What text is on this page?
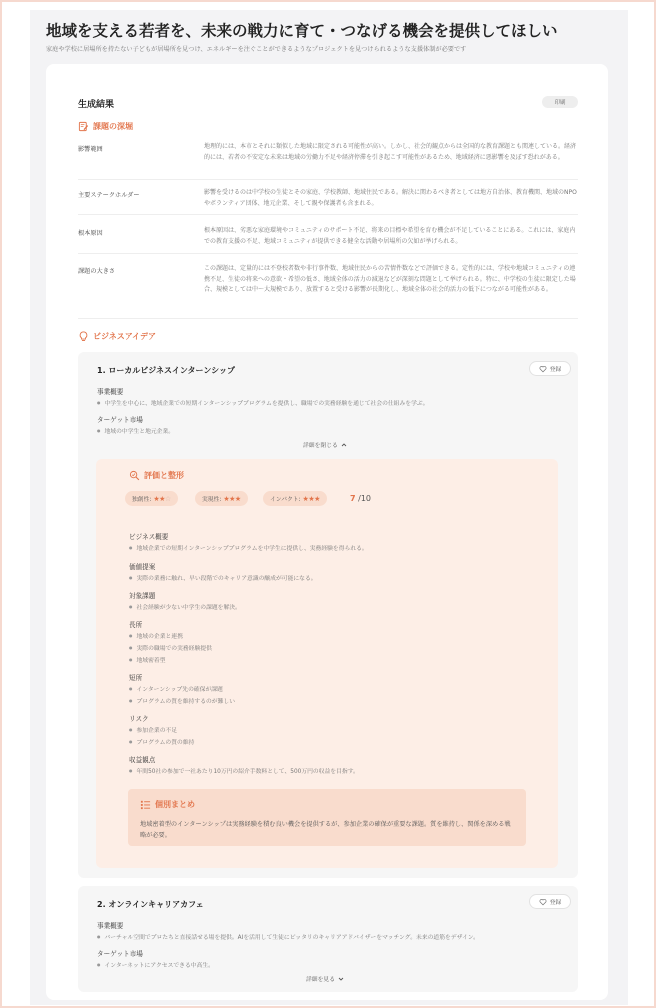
地域を支える若者を、未来の戦力に育て・つなげる機会を提供してほしい
家庭や学校に居場所を持たない子どもが居場所を見つけ、エネルギーを注ぐことができるようなプロジェクトを見つけられるような支援体制が必要です
生成結果	印刷
課題の深堀
影響範囲	地理的には、本市とそれに類似した地域に限定される可能性が高い。しかし、社会的観点からは全国的な教育課題とも関連している。経済的には、若者の不安定な未来は地域の労働力不足や経済停滞を引き起こす可能性があるため、地域経済に悪影響を及ぼす恐れがある。
主要ステークホルダー	影響を受けるのは中学校の生徒とその家庭、学校教師、地域住民である。解決に関わるべき者としては地方自治体、教育機関、地域のNPOやボランティア団体、地元企業、そして親や保護者も含まれる。
根本原因	根本原因は、劣悪な家庭環境やコミュニティのサポート不足、将来の目標や希望を育む機会が不足していることにある。これには、家庭内での教育支援の不足、地域コミュニティが提供できる健全な活動や居場所の欠如が挙げられる。
課題の大きさ	この課題は、定量的には不登校者数や非行事件数、地域住民からの苦情件数などで評価できる。定性的には、学校や地域コミュニティの連携不足、生徒の将来への意欲・希望の低さ、地域全体の活力の減退などが深刻な問題として挙げられる。特に、中学校の生徒に限定した場合、規模としては中〜大規模であり、放置すると受ける影響が長期化し、地域全体の社会的活力の低下につながる可能性がある。
ビジネスアイデア
1. ローカルビジネスインターンシップ	登録
事業概要
● 中学生を中心に、地域企業での短期インターンシッププログラムを提供し、職場での実務経験を通じて社会の仕組みを学ぶ。
ターゲット市場
● 地域の中学生と地元企業。
詳細を閉じる
評価と整形
独創性: ★★☆	実現性: ★★★	インパクト: ★★★	7 /10
ビジネス概要
● 地域企業での短期インターンシッププログラムを中学生に提供し、実務経験を得られる。
価値提案
● 実際の業務に触れ、早い段階でのキャリア意識の醸成が可能になる。
対象課題
● 社会経験が少ない中学生の課題を解決。
長所
● 地域の企業と連携
● 実際の職場での実務経験提供
● 地域密着型
短所
● インターンシップ先の確保が課題
● プログラムの質を維持するのが難しい
リスク
● 参加企業の不足
● プログラムの質の維持
収益観点
● 年間50社の参加で一社あたり10万円の紹介手数料として、500万円の収益を目指す。
個別まとめ
地域密着型のインターンシップは実務経験を積む良い機会を提供するが、参加企業の確保が重要な課題。質を維持し、関係を深める戦略が必要。
2. オンラインキャリアカフェ	登録
事業概要
● バーチャル空間でプロたちと直接話せる場を提供。AIを活用して生徒にピッタリのキャリアアドバイザーをマッチング。未来の道筋をデザイン。
ターゲット市場
● インターネットにアクセスできる中高生。
詳細を見る
